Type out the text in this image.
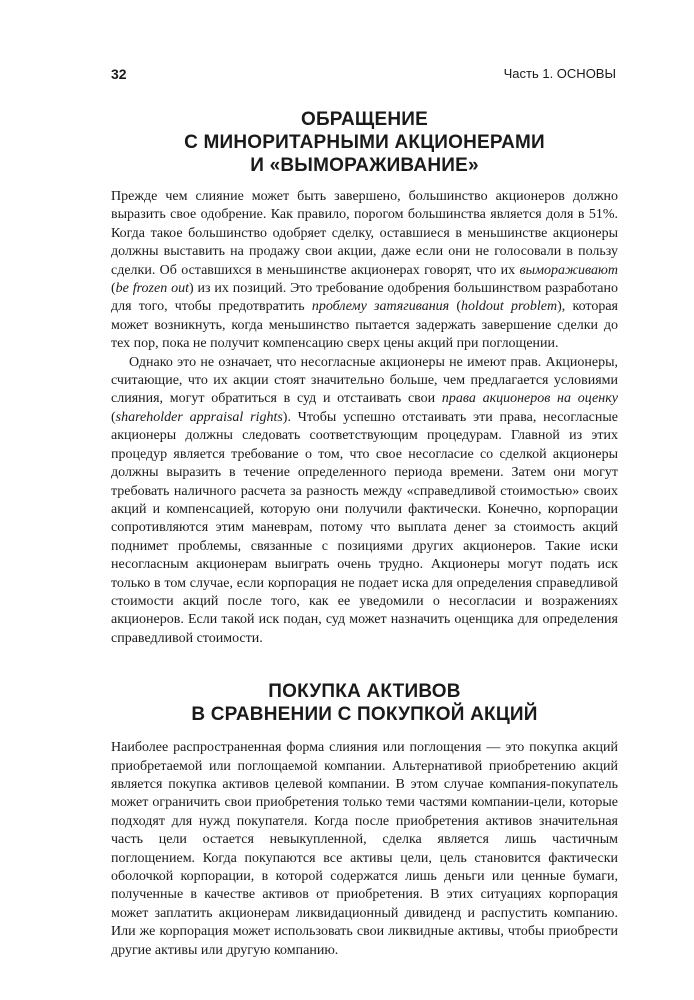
32	Часть 1. ОСНОВЫ
ОБРАЩЕНИЕ
С МИНОРИТАРНЫМИ АКЦИОНЕРАМИ
И «ВЫМОРАЖИВАНИЕ»

Прежде чем слияние может быть завершено, большинство акционеров должно выразить свое одобрение. Как правило, порогом большинства является доля в 51%. Когда такое большинство одобряет сделку, оставшиеся в меньшинстве акционеры должны выставить на продажу свои акции, даже если они не голосовали в пользу сделки. Об оставшихся в меньшинстве акционерах говорят, что их вымораживают (be frozen out) из их позиций. Это требование одобрения большинством разработано для того, чтобы предотвратить проблему затягивания (holdout problem), которая может возникнуть, когда меньшинство пытается задержать завершение сделки до тех пор, пока не получит компенсацию сверх цены акций при поглощении.

Однако это не означает, что несогласные акционеры не имеют прав. Акционеры, считающие, что их акции стоят значительно больше, чем предлагается условиями слияния, могут обратиться в суд и отстаивать свои права акционеров на оценку (shareholder appraisal rights). Чтобы успешно отстаивать эти права, несогласные акционеры должны следовать соответствующим процедурам. Главной из этих процедур является требование о том, что свое несогласие со сделкой акционеры должны выразить в течение определенного периода времени. Затем они могут требовать наличного расчета за разность между «справедливой стоимостью» своих акций и компенсацией, которую они получили фактически. Конечно, корпорации сопротивляются этим маневрам, потому что выплата денег за стоимость акций поднимет проблемы, связанные с позициями других акционеров. Такие иски несогласным акционерам выиграть очень трудно. Акционеры могут подать иск только в том случае, если корпорация не подает иска для определения справедливой стоимости акций после того, как ее уведомили о несогласии и возражениях акционеров. Если такой иск подан, суд может назначить оценщика для определения справедливой стоимости.

ПОКУПКА АКТИВОВ
В СРАВНЕНИИ С ПОКУПКОЙ АКЦИЙ

Наиболее распространенная форма слияния или поглощения — это покупка акций приобретаемой или поглощаемой компании. Альтернативой приобретению акций является покупка активов целевой компании. В этом случае компания-покупатель может ограничить свои приобретения только теми частями компании-цели, которые подходят для нужд покупателя. Когда после приобретения активов значительная часть цели остается невыкупленной, сделка является лишь частичным поглощением. Когда покупаются все активы цели, цель становится фактически оболочкой корпорации, в которой содержатся лишь деньги или ценные бумаги, полученные в качестве активов от приобретения. В этих ситуациях корпорация может заплатить акционерам ликвидационный дивиденд и распустить компанию. Или же корпорация может использовать свои ликвидные активы, чтобы приобрести другие активы или другую компанию.
